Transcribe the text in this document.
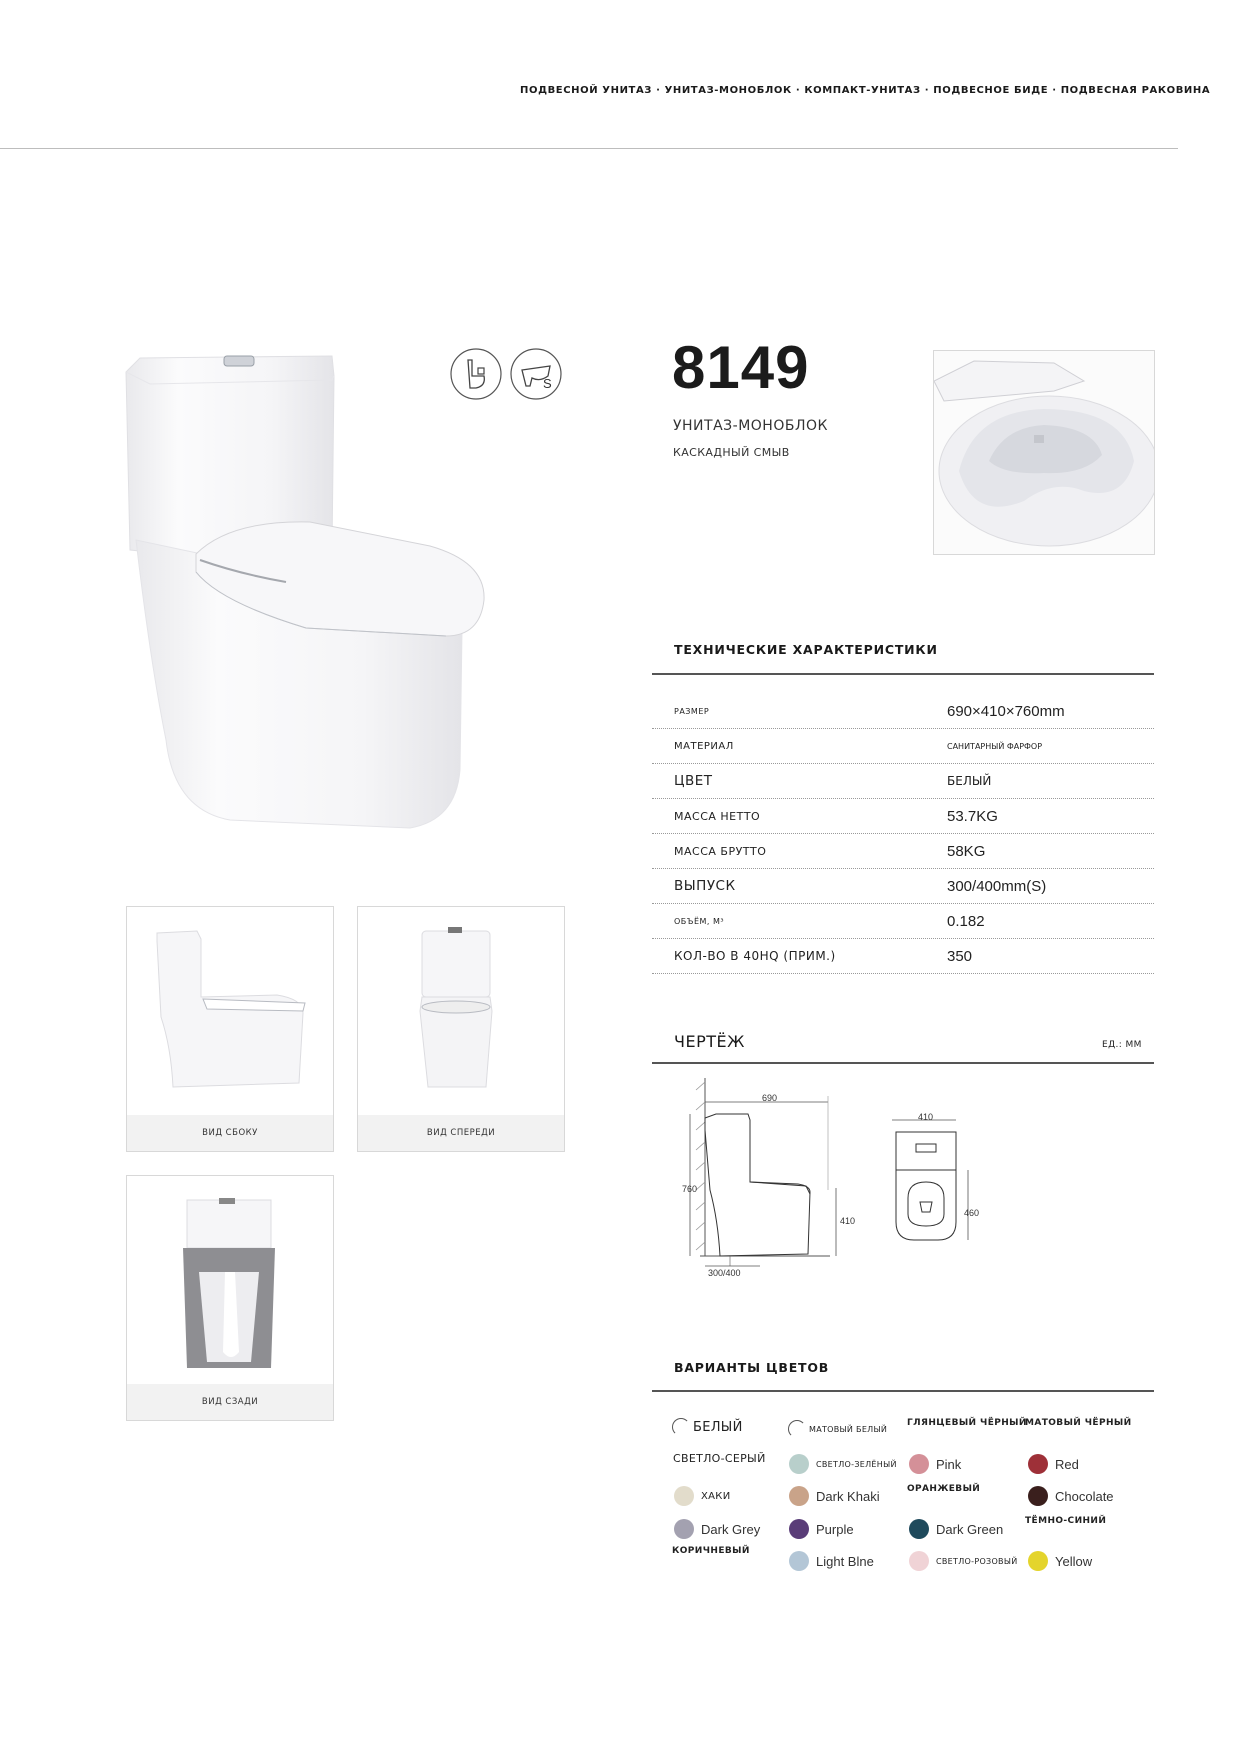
ПОДВЕСНОЙ УНИТАЗ · УНИТАЗ-МОНОБЛОК · КОМПАКТ-УНИТАЗ · ПОДВЕСНОЕ БИДЕ · ПОДВЕСНАЯ РАКОВИНА
S 8149
УНИТАЗ-МОНОБЛОК
КАСКАДНЫЙ СМЫВ
ТЕХНИЧЕСКИЕ ХАРАКТЕРИСТИКИ
РАЗМЕР	690×410×760mm
МАТЕРИАЛ	САНИТАРНЫЙ ФАРФОР
ЦВЕТ	БЕЛЫЙ
МАССА НЕТТО	53.7KG
МАССА БРУТТО	58KG
ВЫПУСК	300/400mm(S)
ОБЪЁМ, М³	0.182
КОЛ-ВО В 40HQ (ПРИМ.)	350
ВИД СБОКУ	ВИД СПЕРЕДИ
ВИД СЗАДИ
ЧЕРТЁЖ	ЕД.: ММ
690
760
410
300/400
410
460
ВАРИАНТЫ ЦВЕТОВ
БЕЛЫЙ	МАТОВЫЙ БЕЛЫЙ
ГЛЯНЦЕВЫЙ ЧЁРНЫЙ
МАТОВЫЙ ЧЁРНЫЙ
СВЕТЛО-СЕРЫЙ	СВЕТЛО-ЗЕЛЁНЫЙ	Pink	Red
ОРАНЖЕВЫЙ
ХАКИ	Dark Khaki	Chocolate
ТЁМНО-СИНИЙ
Dark Grey	Purple	Dark Green
КОРИЧНЕВЫЙ
Light Blne	СВЕТЛО-РОЗОВЫЙ	Yellow
